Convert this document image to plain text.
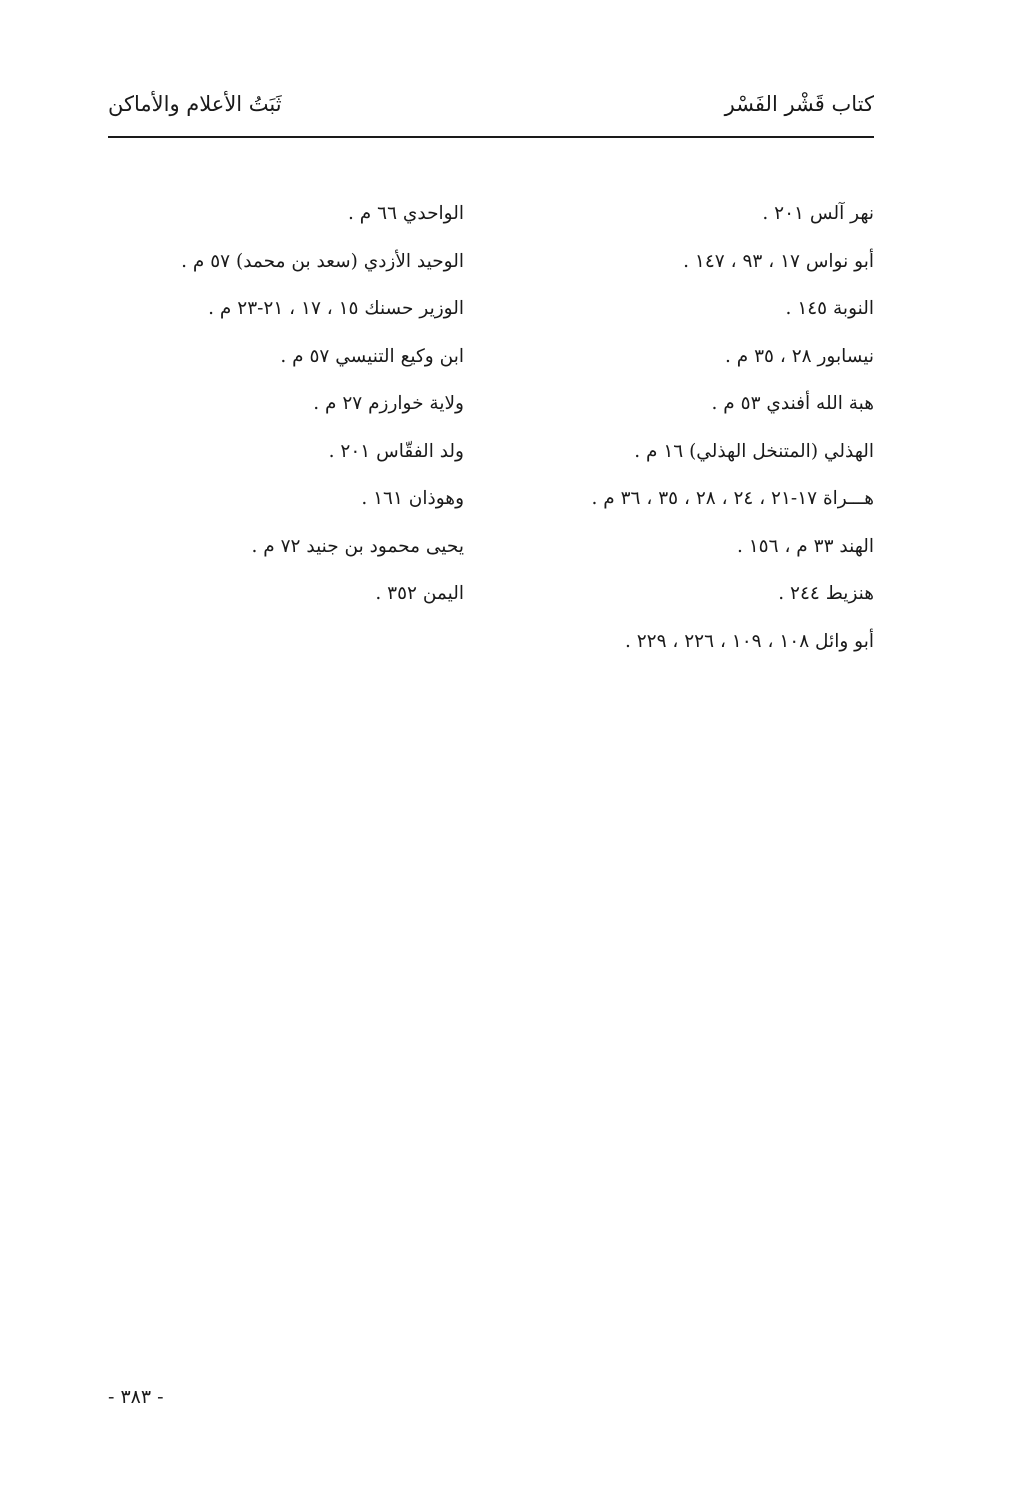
كتاب قَشْر الفَسْر
ثَبَتُ الأعلام والأماكن
نهر آلس ٢٠١ .
أبو نواس ١٧ ، ٩٣ ، ١٤٧ .
النوبة ١٤٥ .
نيسابور ٢٨ ، ٣٥ م .
هبة الله أفندي ٥٣ م .
الهذلي (المتنخل الهذلي) ١٦ م .
هـــراة ١٧-٢١ ، ٢٤ ، ٢٨ ، ٣٥ ، ٣٦ م .
الهند ٣٣ م ، ١٥٦ .
هنزيط ٢٤٤ .
أبو وائل ١٠٨ ، ١٠٩ ، ٢٢٦ ، ٢٢٩ .
الواحدي ٦٦ م .
الوحيد الأزدي (سعد بن محمد) ٥٧ م .
الوزير حسنك ١٥ ، ١٧ ، ٢١-٢٣ م .
ابن وكيع التنيسي ٥٧ م .
ولاية خوارزم ٢٧ م .
ولد الفقّاس ٢٠١ .
وهوذان ١٦١ .
يحيى محمود بن جنيد ٧٢ م .
اليمن ٣٥٢ .
- ٣٨٣ -
